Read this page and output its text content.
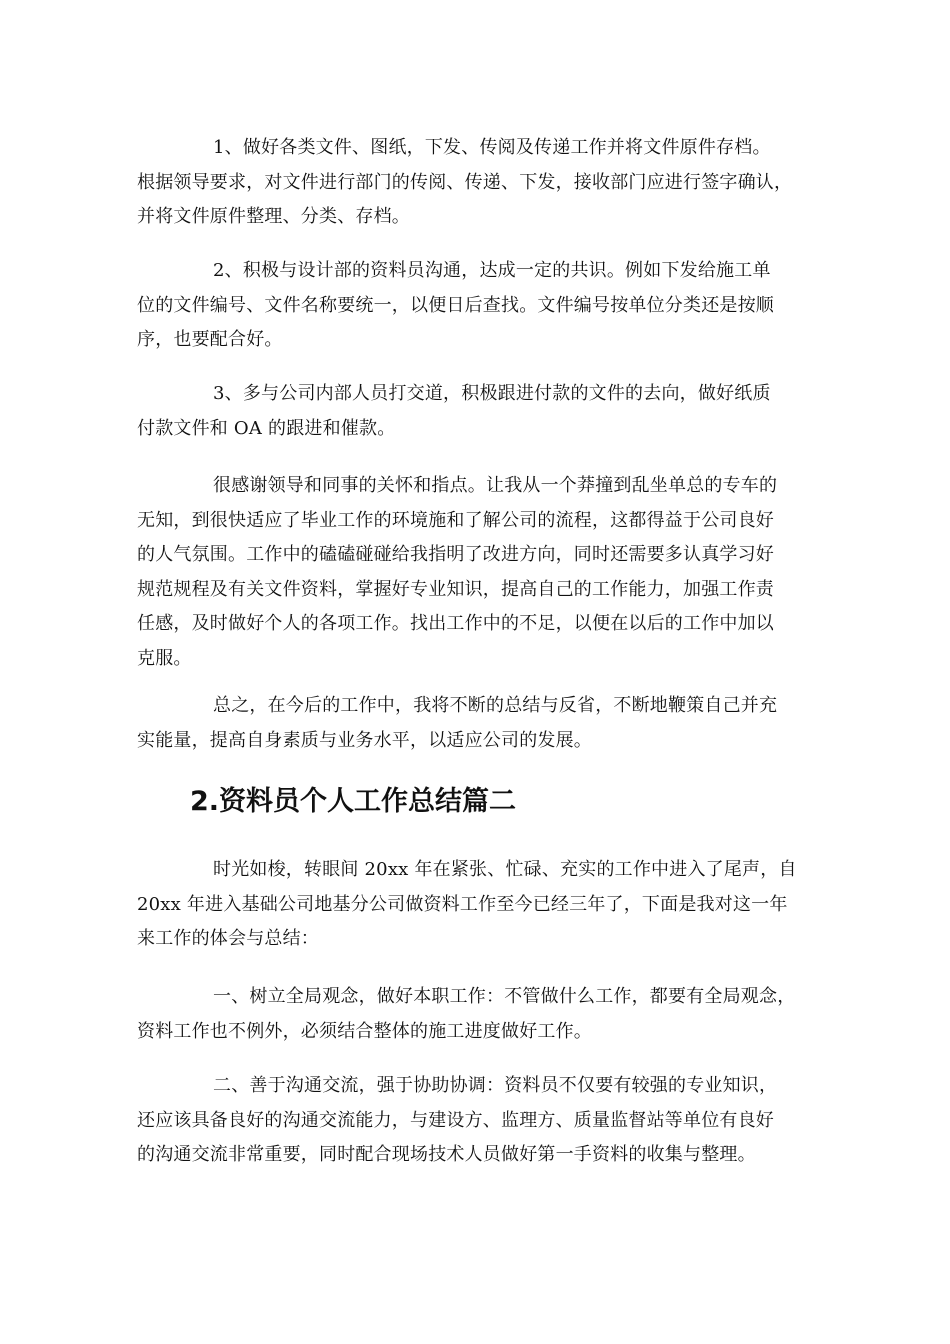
1、做好各类文件、图纸，下发、传阅及传递工作并将文件原件存档。
根据领导要求，对文件进行部门的传阅、传递、下发，接收部门应进行签字确认，
并将文件原件整理、分类、存档。
2、积极与设计部的资料员沟通，达成一定的共识。例如下发给施工单
位的文件编号、文件名称要统一，以便日后查找。文件编号按单位分类还是按顺
序，也要配合好。
3、多与公司内部人员打交道，积极跟进付款的文件的去向，做好纸质
付款文件和 OA 的跟进和催款。
很感谢领导和同事的关怀和指点。让我从一个莽撞到乱坐单总的专车的
无知，到很快适应了毕业工作的环境施和了解公司的流程，这都得益于公司良好
的人气氛围。工作中的磕磕碰碰给我指明了改进方向，同时还需要多认真学习好
规范规程及有关文件资料，掌握好专业知识，提高自己的工作能力，加强工作责
任感，及时做好个人的各项工作。找出工作中的不足，以便在以后的工作中加以
克服。
总之，在今后的工作中，我将不断的总结与反省，不断地鞭策自己并充
实能量，提高自身素质与业务水平，以适应公司的发展。
2.资料员个人工作总结篇二
时光如梭，转眼间 20xx 年在紧张、忙碌、充实的工作中进入了尾声，自
20xx 年进入基础公司地基分公司做资料工作至今已经三年了，下面是我对这一年
来工作的体会与总结：
一、树立全局观念，做好本职工作：不管做什么工作，都要有全局观念，
资料工作也不例外，必须结合整体的施工进度做好工作。
二、善于沟通交流，强于协助协调：资料员不仅要有较强的专业知识，
还应该具备良好的沟通交流能力，与建设方、监理方、质量监督站等单位有良好
的沟通交流非常重要，同时配合现场技术人员做好第一手资料的收集与整理。
